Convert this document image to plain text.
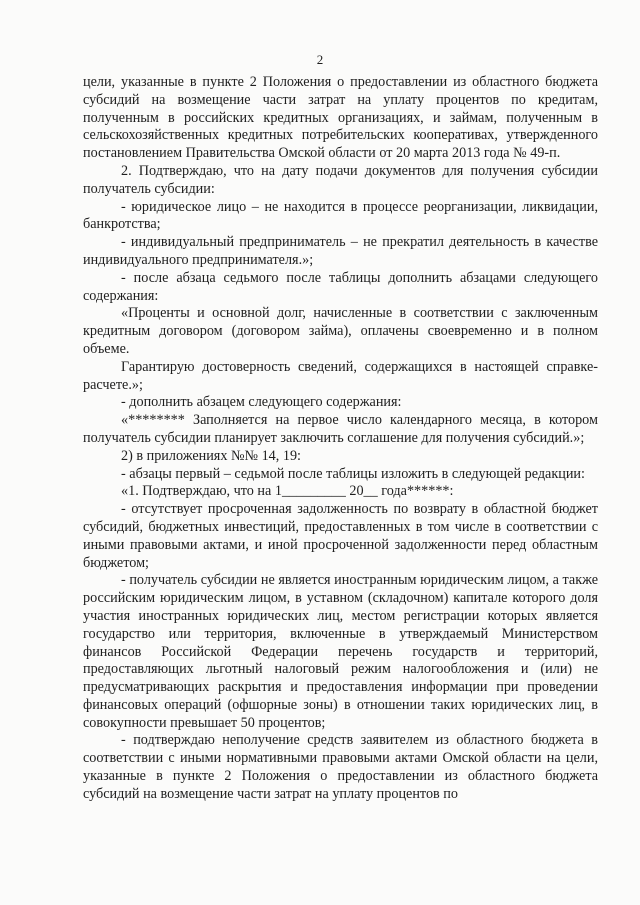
2

цели, указанные в пункте 2 Положения о предоставлении из областного бюджета субсидий на возмещение части затрат на уплату процентов по кредитам, полученным в российских кредитных организациях, и займам, полученным в сельскохозяйственных кредитных потребительских кооперативах, утвержденного постановлением Правительства Омской области от 20 марта 2013 года № 49-п.

2. Подтверждаю, что на дату подачи документов для получения субсидии получатель субсидии:

- юридическое лицо – не находится в процессе реорганизации, ликвидации, банкротства;

- индивидуальный предприниматель – не прекратил деятельность в качестве индивидуального предпринимателя.»;

- после абзаца седьмого после таблицы дополнить абзацами следующего содержания:

«Проценты и основной долг, начисленные в соответствии с заключенным кредитным договором (договором займа), оплачены своевременно и в полном объеме.

Гарантирую достоверность сведений, содержащихся в настоящей справке-расчете.»;

- дополнить абзацем следующего содержания:

«******** Заполняется на первое число календарного месяца, в котором получатель субсидии планирует заключить соглашение для получения субсидий.»;

2) в приложениях №№ 14, 19:

- абзацы первый – седьмой после таблицы изложить в следующей редакции:

«1. Подтверждаю, что на 1_________ 20__ года******:

- отсутствует просроченная задолженность по возврату в областной бюджет субсидий, бюджетных инвестиций, предоставленных в том числе в соответствии с иными правовыми актами, и иной просроченной задолженности перед областным бюджетом;

- получатель субсидии не является иностранным юридическим лицом, а также российским юридическим лицом, в уставном (складочном) капитале которого доля участия иностранных юридических лиц, местом регистрации которых является государство или территория, включенные в утверждаемый Министерством финансов Российской Федерации перечень государств и территорий, предоставляющих льготный налоговый режим налогообложения и (или) не предусматривающих раскрытия и предоставления информации при проведении финансовых операций (офшорные зоны) в отношении таких юридических лиц, в совокупности превышает 50 процентов;

- подтверждаю неполучение средств заявителем из областного бюджета в соответствии с иными нормативными правовыми актами Омской области на цели, указанные в пункте 2 Положения о предоставлении из областного бюджета субсидий на возмещение части затрат на уплату процентов по
